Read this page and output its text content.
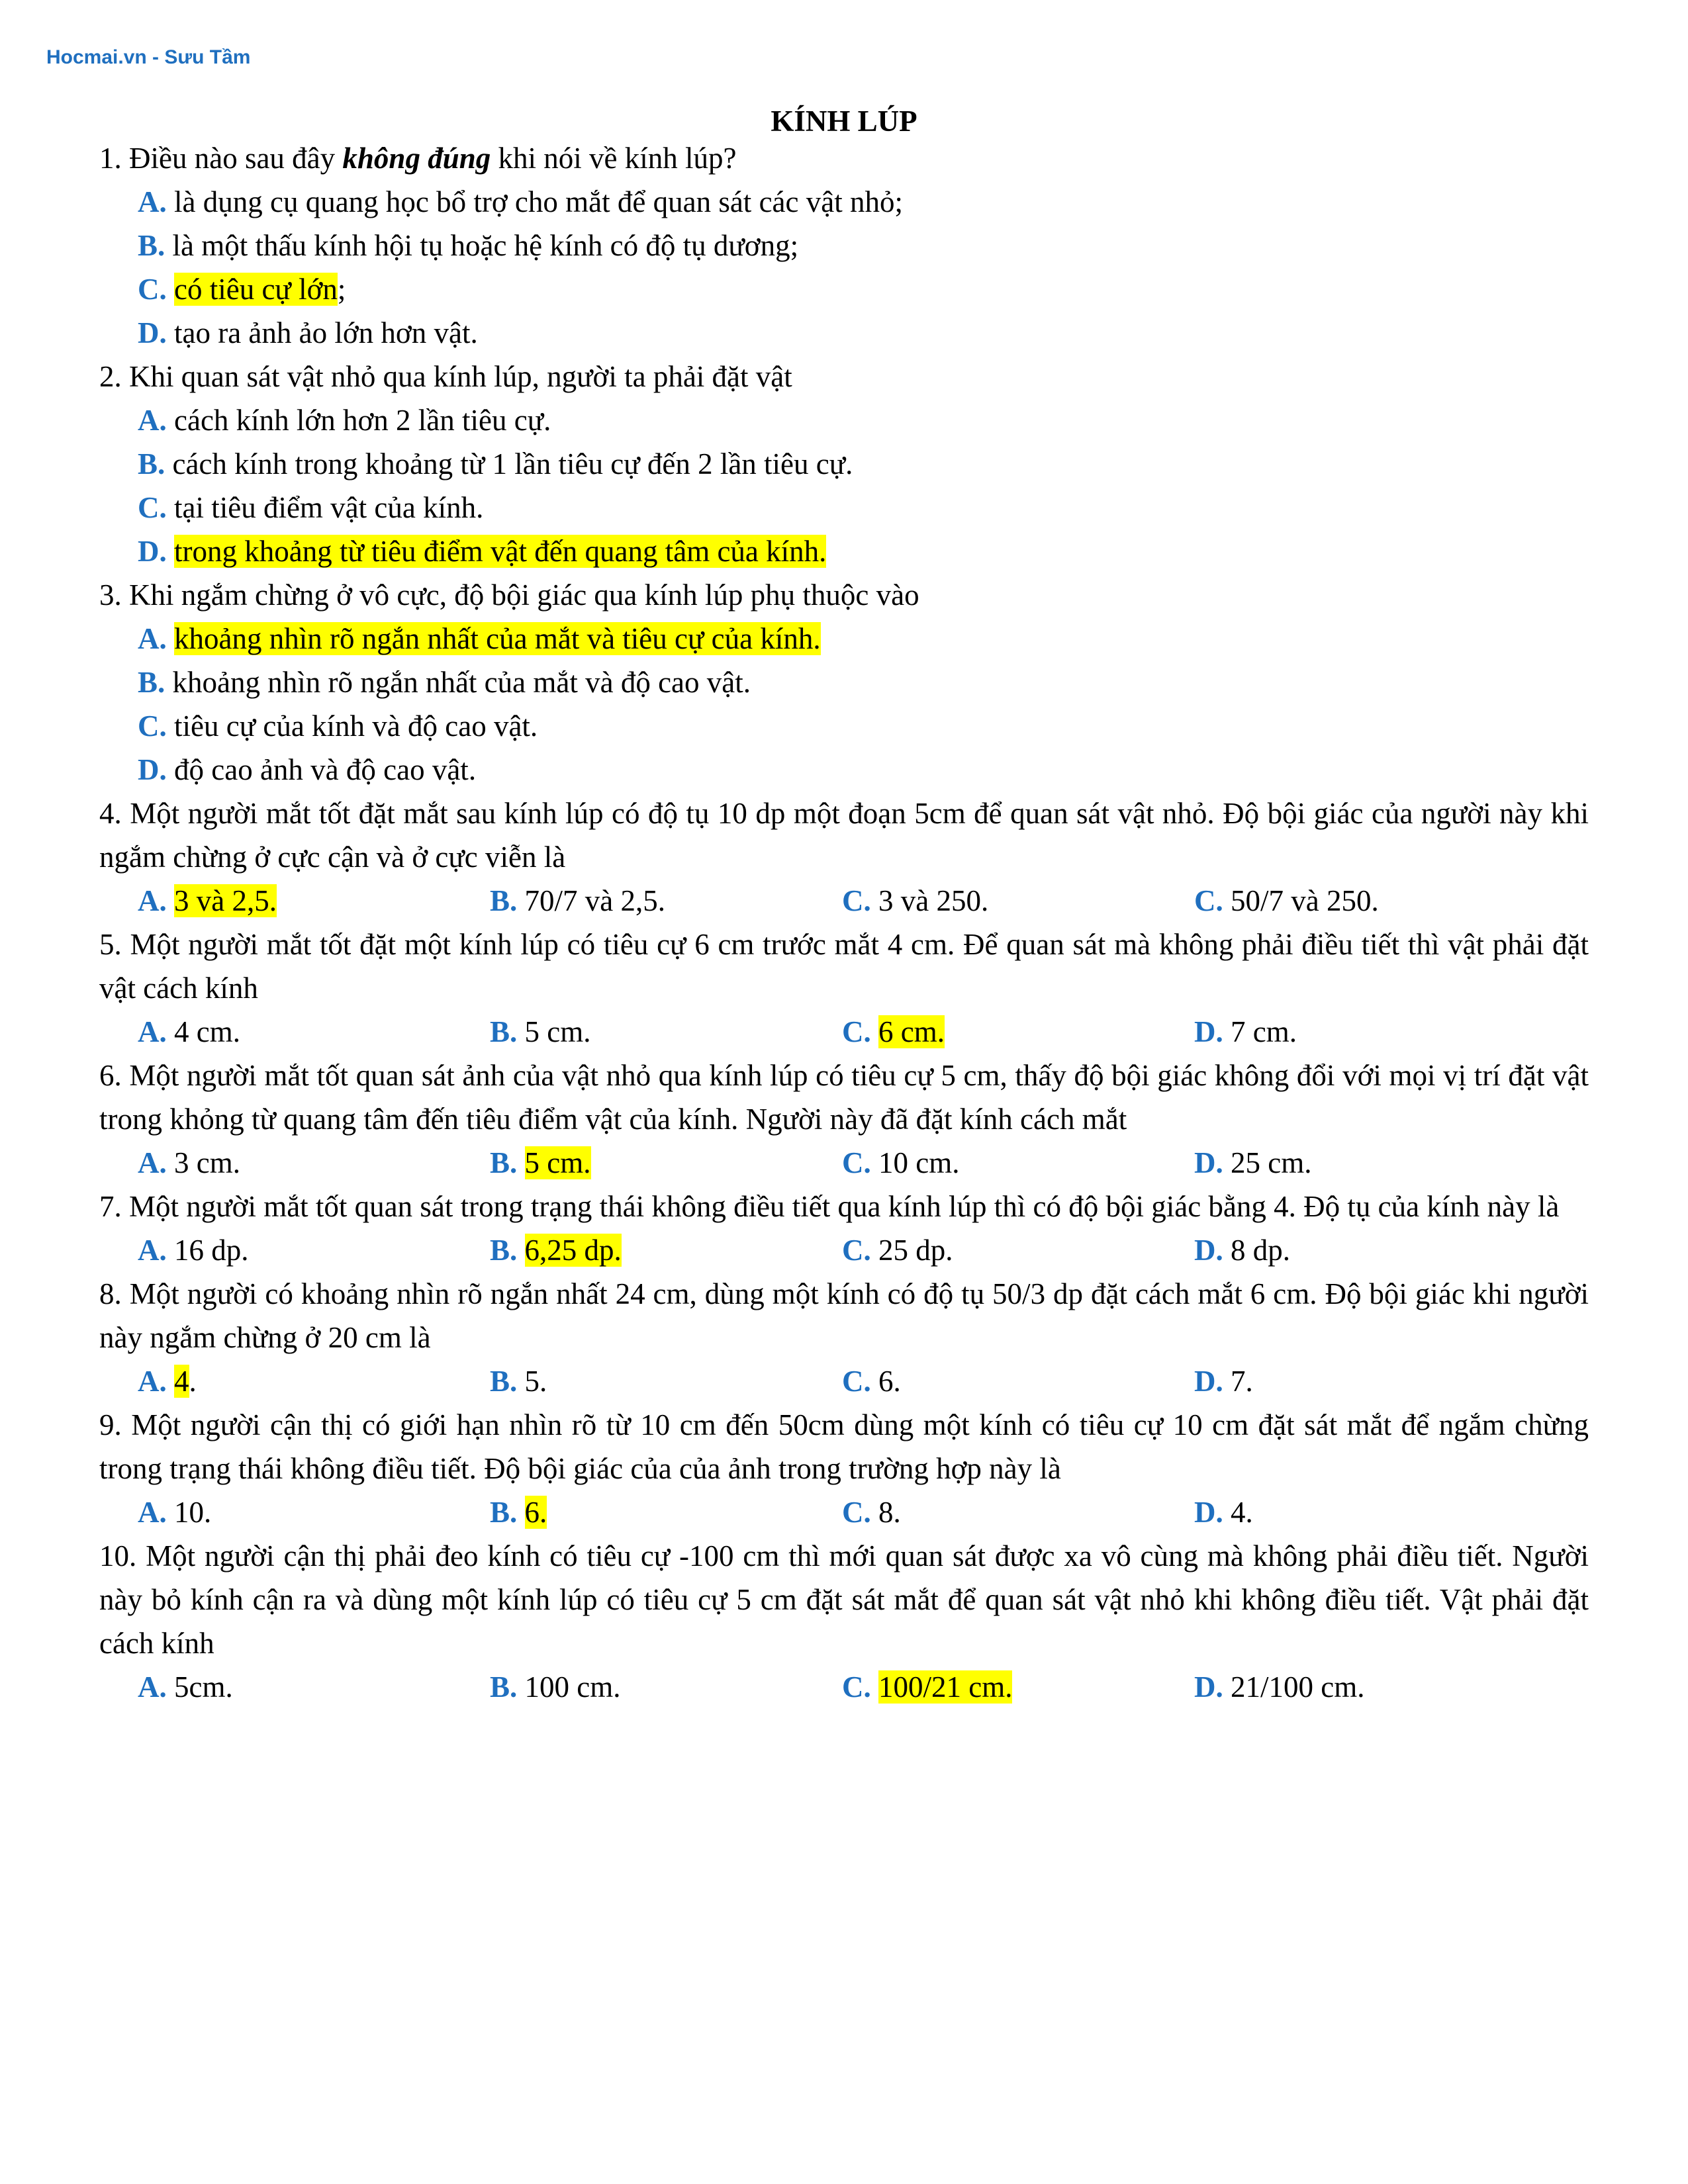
Hocmai.vn - Sưu Tầm
KÍNH LÚP
1. Điều nào sau đây không đúng khi nói về kính lúp?
A. là dụng cụ quang học bổ trợ cho mắt để quan sát các vật nhỏ;
B. là một thấu kính hội tụ hoặc hệ kính có độ tụ dương;
C. có tiêu cự lớn;
D. tạo ra ảnh ảo lớn hơn vật.
2. Khi quan sát vật nhỏ qua kính lúp, người ta phải đặt vật
A. cách kính lớn hơn 2 lần tiêu cự.
B. cách kính trong khoảng từ 1 lần tiêu cự đến 2 lần tiêu cự.
C. tại tiêu điểm vật của kính.
D. trong khoảng từ tiêu điểm vật đến quang tâm của kính.
3. Khi ngắm chừng ở vô cực, độ bội giác qua kính lúp phụ thuộc vào
A. khoảng nhìn rõ ngắn nhất của mắt và tiêu cự của kính.
B. khoảng nhìn rõ ngắn nhất của mắt và độ cao vật.
C. tiêu cự của kính và độ cao vật.
D. độ cao ảnh và độ cao vật.
4. Một người mắt tốt đặt mắt sau kính lúp có độ tụ 10 dp một đoạn 5cm để quan sát vật nhỏ. Độ bội giác của người này khi ngắm chừng ở cực cận và ở cực viễn là
A. 3 và 2,5.	B. 70/7 và 2,5.	C. 3 và 250.	C. 50/7 và 250.
5. Một người mắt tốt đặt một kính lúp có tiêu cự 6 cm trước mắt 4 cm. Để quan sát mà không phải điều tiết thì vật phải đặt vật cách kính
A. 4 cm.	B. 5 cm.	C. 6 cm.	D. 7 cm.
6. Một người mắt tốt quan sát ảnh của vật nhỏ qua kính lúp có tiêu cự 5 cm, thấy độ bội giác không đổi với mọi vị trí đặt vật trong khỏng từ quang tâm đến tiêu điểm vật của kính. Người này đã đặt kính cách mắt
A. 3 cm.	B. 5 cm.	C. 10 cm.	D. 25 cm.
7. Một người mắt tốt quan sát trong trạng thái không điều tiết qua kính lúp thì có độ bội giác bằng 4. Độ tụ của kính này là
A. 16 dp.	B. 6,25 dp.	C. 25 dp.	D. 8 dp.
8. Một người có khoảng nhìn rõ ngắn nhất 24 cm, dùng một kính có độ tụ 50/3 dp đặt cách mắt 6 cm. Độ bội giác khi người này ngắm chừng ở 20 cm là
A. 4.	B. 5.	C. 6.	D. 7.
9. Một người cận thị có giới hạn nhìn rõ từ 10 cm đến 50cm dùng một kính có tiêu cự 10 cm đặt sát mắt để ngắm chừng trong trạng thái không điều tiết. Độ bội giác của của ảnh trong trường hợp này là
A. 10.	B. 6.	C. 8.	D. 4.
10. Một người cận thị phải đeo kính có tiêu cự -100 cm thì mới quan sát được xa vô cùng mà không phải điều tiết. Người này bỏ kính cận ra và dùng một kính lúp có tiêu cự 5 cm đặt sát mắt để quan sát vật nhỏ khi không điều tiết. Vật phải đặt cách kính
A. 5cm.	B. 100 cm.	C. 100/21 cm.	D. 21/100 cm.
